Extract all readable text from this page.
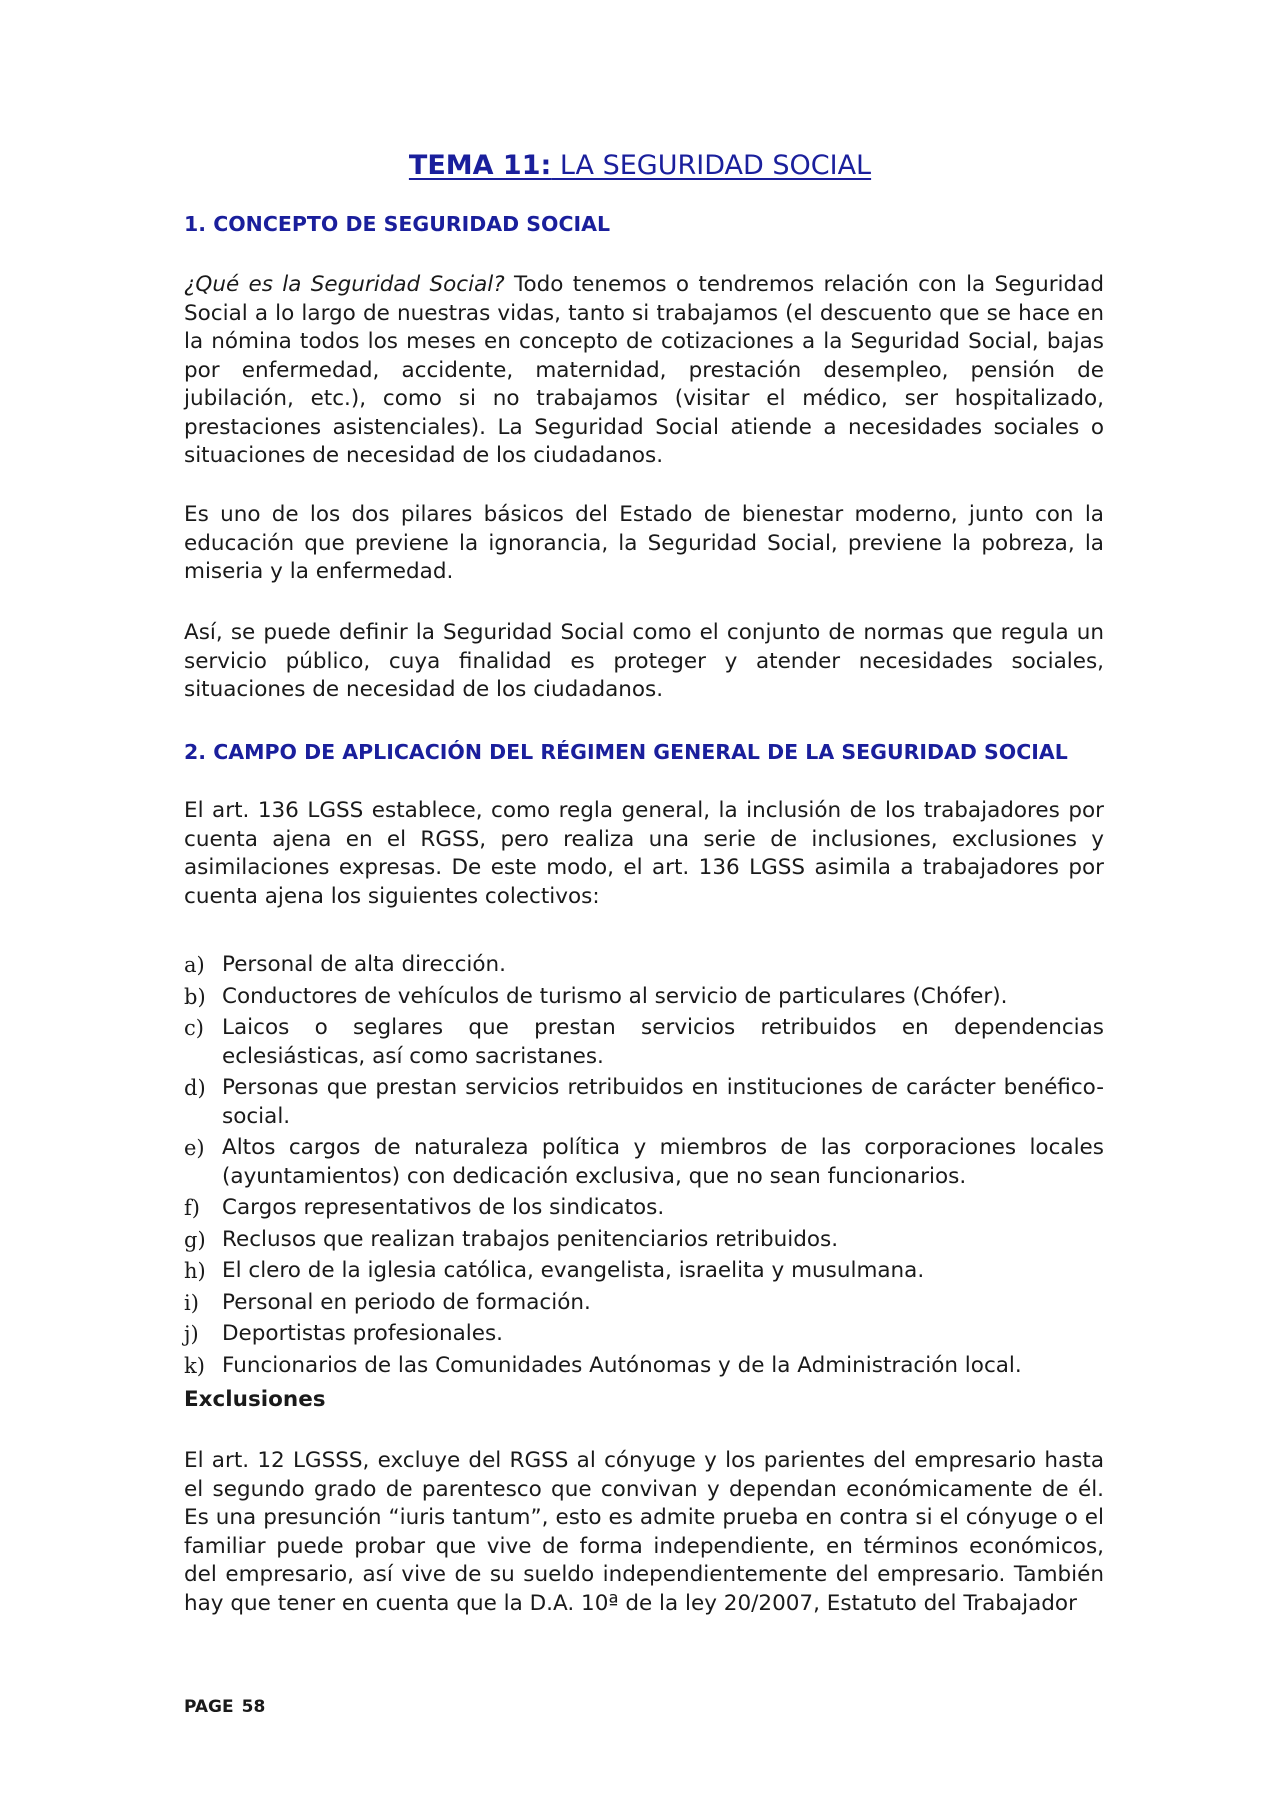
TEMA 11: LA SEGURIDAD SOCIAL
1. CONCEPTO DE SEGURIDAD SOCIAL

¿Qué es la Seguridad Social? Todo tenemos o tendremos relación con la Seguridad Social a lo largo de nuestras vidas, tanto si trabajamos (el descuento que se hace en la nómina todos los meses en concepto de cotizaciones a la Seguridad Social, bajas por enfermedad, accidente, maternidad, prestación desempleo, pensión de jubilación, etc.), como si no trabajamos (visitar el médico, ser hospitalizado, prestaciones asistenciales). La Seguridad Social atiende a necesidades sociales o situaciones de necesidad de los ciudadanos.

Es uno de los dos pilares básicos del Estado de bienestar moderno, junto con la educación que previene la ignorancia, la Seguridad Social, previene la pobreza, la miseria y la enfermedad.

Así, se puede definir la Seguridad Social como el conjunto de normas que regula un servicio público, cuya finalidad es proteger y atender necesidades sociales, situaciones de necesidad de los ciudadanos.

2. CAMPO DE APLICACIÓN DEL RÉGIMEN GENERAL DE LA SEGURIDAD SOCIAL

El art. 136 LGSS establece, como regla general, la inclusión de los trabajadores por cuenta ajena en el RGSS, pero realiza una serie de inclusiones, exclusiones y asimilaciones expresas. De este modo, el art. 136 LGSS asimila a trabajadores por cuenta ajena los siguientes colectivos:

a) Personal de alta dirección.
b) Conductores de vehículos de turismo al servicio de particulares (Chófer).
c) Laicos o seglares que prestan servicios retribuidos en dependencias eclesiásticas, así como sacristanes.
d) Personas que prestan servicios retribuidos en instituciones de carácter benéfico-social.
e) Altos cargos de naturaleza política y miembros de las corporaciones locales (ayuntamientos) con dedicación exclusiva, que no sean funcionarios.
f)	Cargos representativos de los sindicatos.
g) Reclusos que realizan trabajos penitenciarios retribuidos.
h) El clero de la iglesia católica, evangelista, israelita y musulmana.
i)	Personal en periodo de formación.
j)	Deportistas profesionales.
k) Funcionarios de las Comunidades Autónomas y de la Administración local.
Exclusiones

El art. 12 LGSSS, excluye del RGSS al cónyuge y los parientes del empresario hasta el segundo grado de parentesco que convivan y dependan económicamente de él. Es una presunción “iuris tantum”, esto es admite prueba en contra si el cónyuge o el familiar puede probar que vive de forma independiente, en términos económicos, del empresario, así vive de su sueldo independientemente del empresario. También hay que tener en cuenta que la D.A. 10ª de la ley 20/2007, Estatuto del Trabajador

PAGE 58
